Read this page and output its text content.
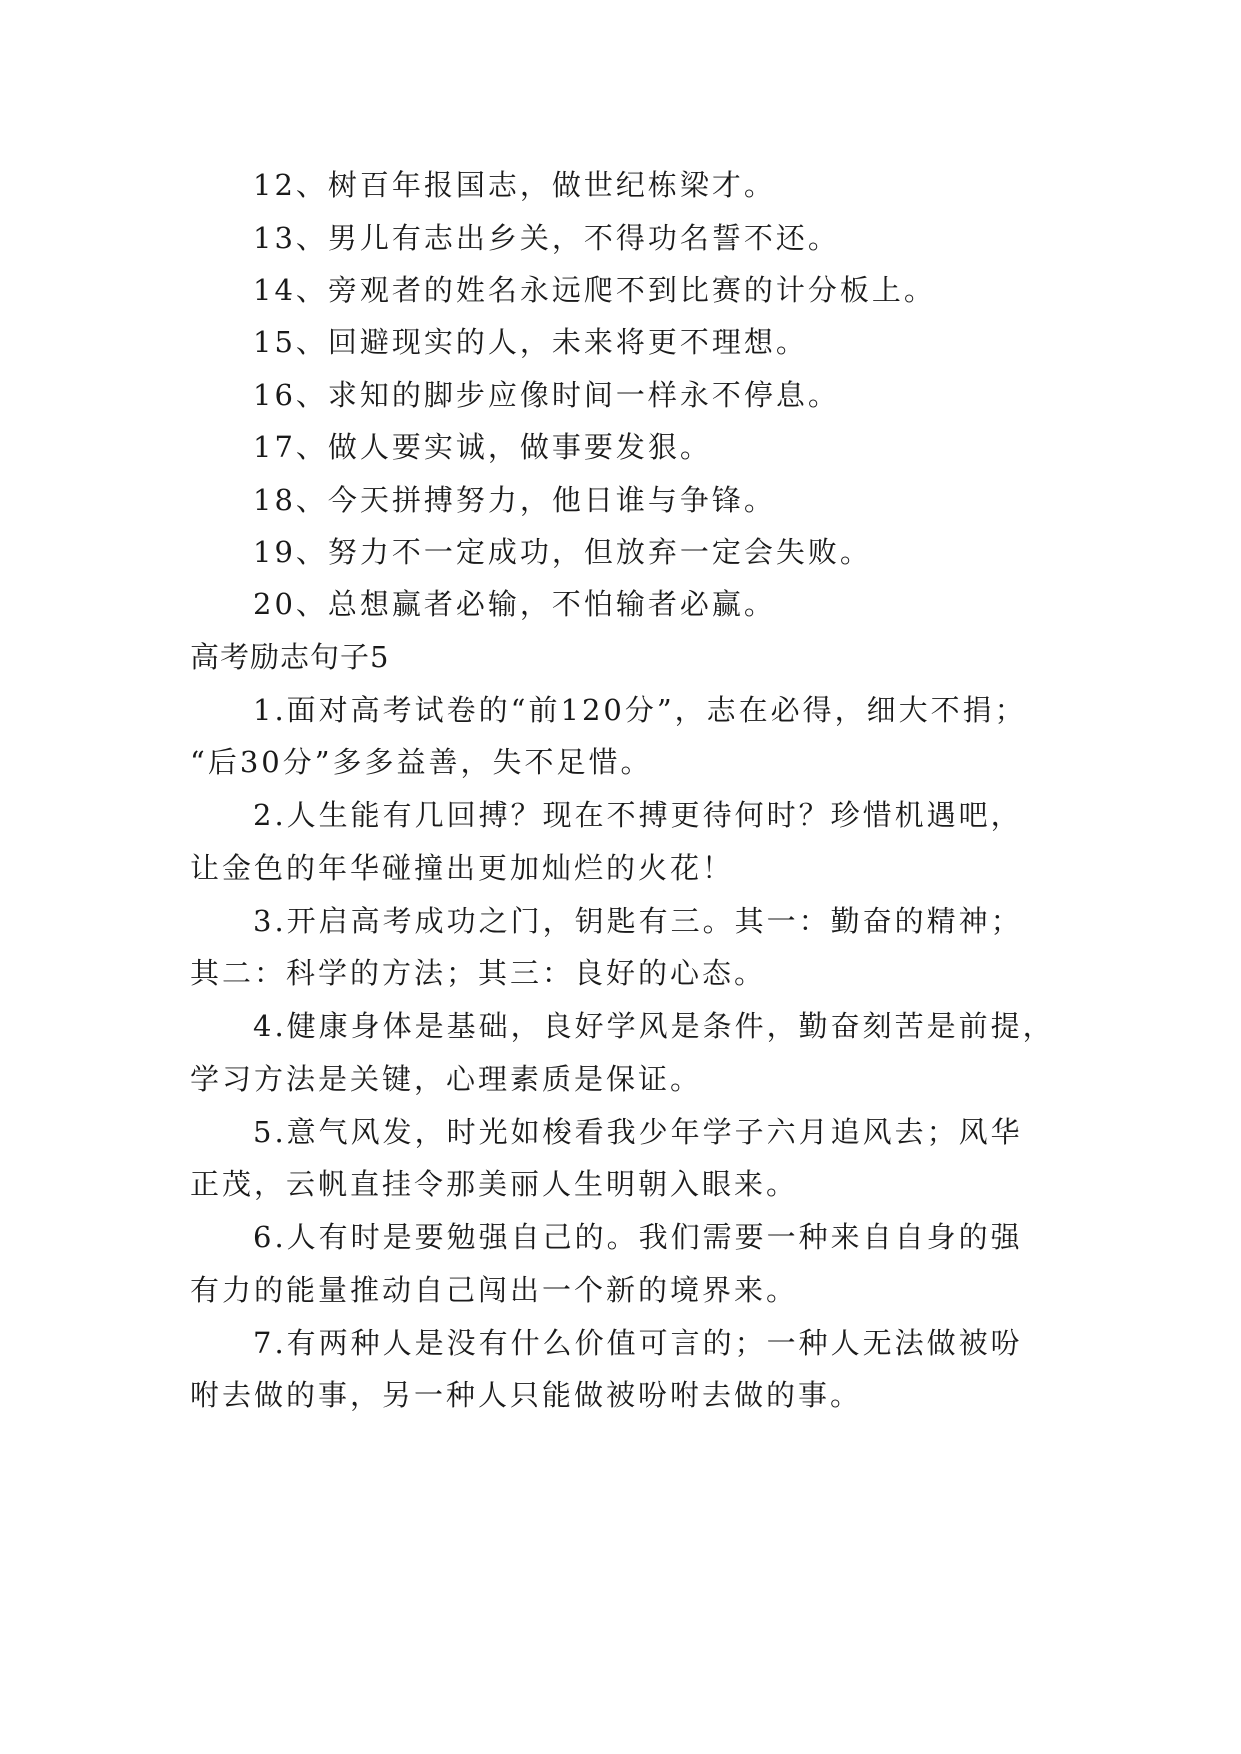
12、树百年报国志，做世纪栋梁才。
13、男儿有志出乡关，不得功名誓不还。
14、旁观者的姓名永远爬不到比赛的计分板上。
15、回避现实的人，未来将更不理想。
16、求知的脚步应像时间一样永不停息。
17、做人要实诚，做事要发狠。
18、今天拼搏努力，他日谁与争锋。
19、努力不一定成功，但放弃一定会失败。
20、总想赢者必输，不怕输者必赢。
高考励志句子5
1.面对高考试卷的“前120分”，志在必得，细大不捐；
“后30分”多多益善，失不足惜。
2.人生能有几回搏？现在不搏更待何时？珍惜机遇吧，
让金色的年华碰撞出更加灿烂的火花！
3.开启高考成功之门，钥匙有三。其一：勤奋的精神；
其二：科学的方法；其三：良好的心态。
4.健康身体是基础，良好学风是条件，勤奋刻苦是前提，
学习方法是关键，心理素质是保证。
5.意气风发，时光如梭看我少年学子六月追风去；风华
正茂，云帆直挂令那美丽人生明朝入眼来。
6.人有时是要勉强自己的。我们需要一种来自自身的强
有力的能量推动自己闯出一个新的境界来。
7.有两种人是没有什么价值可言的；一种人无法做被吩
咐去做的事，另一种人只能做被吩咐去做的事。
